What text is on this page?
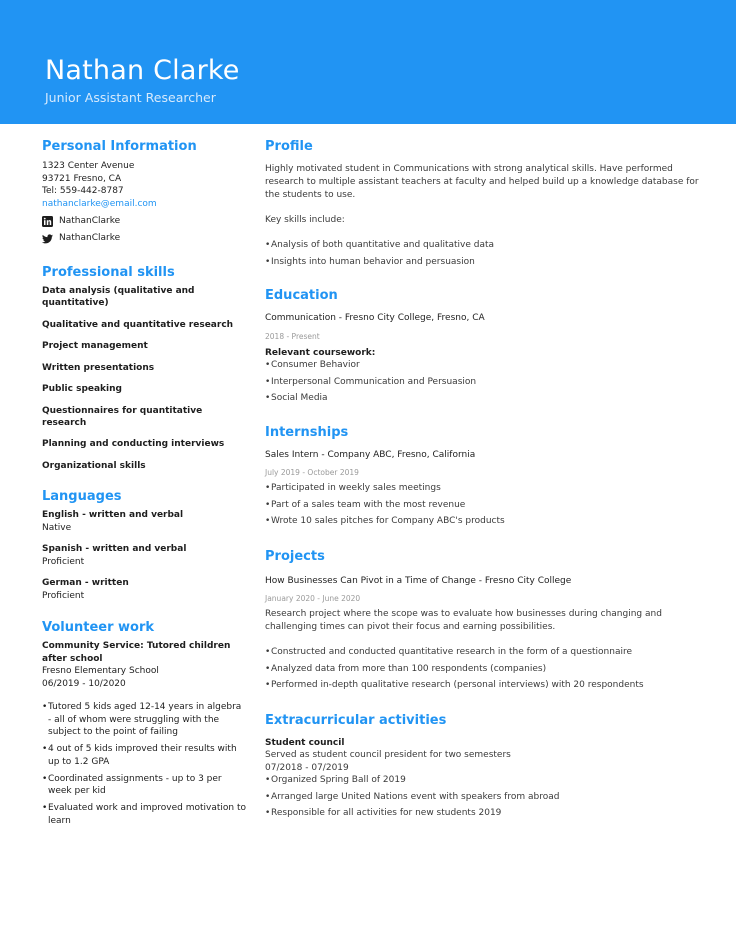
Nathan Clarke
Junior Assistant Researcher
Personal Information
1323 Center Avenue
93721 Fresno, CA
Tel: 559-442-8787
nathanclarke@email.com
NathanClarke
NathanClarke
Professional skills
Data analysis (qualitative and quantitative)
Qualitative and quantitative research
Project management
Written presentations
Public speaking
Questionnaires for quantitative research
Planning and conducting interviews
Organizational skills
Languages
English - written and verbal
Native
Spanish - written and verbal
Proficient
German - written
Proficient
Volunteer work
Community Service: Tutored children after school
Fresno Elementary School
06/2019 - 10/2020
• Tutored 5 kids aged 12-14 years in algebra - all of whom were struggling with the subject to the point of failing
• 4 out of 5 kids improved their results with up to 1.2 GPA
• Coordinated assignments - up to 3 per week per kid
• Evaluated work and improved motivation to learn
Profile
Highly motivated student in Communications with strong analytical skills. Have performed research to multiple assistant teachers at faculty and helped build up a knowledge database for the students to use.
Key skills include:
• Analysis of both quantitative and qualitative data
• Insights into human behavior and persuasion
Education
Communication - Fresno City College, Fresno, CA
2018 - Present
Relevant coursework:
• Consumer Behavior
• Interpersonal Communication and Persuasion
• Social Media
Internships
Sales Intern - Company ABC, Fresno, California
July 2019 - October 2019
• Participated in weekly sales meetings
• Part of a sales team with the most revenue
• Wrote 10 sales pitches for Company ABC's products
Projects
How Businesses Can Pivot in a Time of Change - Fresno City College
January 2020 - June 2020
Research project where the scope was to evaluate how businesses during changing and challenging times can pivot their focus and earning possibilities.
• Constructed and conducted quantitative research in the form of a questionnaire
• Analyzed data from more than 100 respondents (companies)
• Performed in-depth qualitative research (personal interviews) with 20 respondents
Extracurricular activities
Student council
Served as student council president for two semesters
07/2018 - 07/2019
• Organized Spring Ball of 2019
• Arranged large United Nations event with speakers from abroad
• Responsible for all activities for new students 2019
